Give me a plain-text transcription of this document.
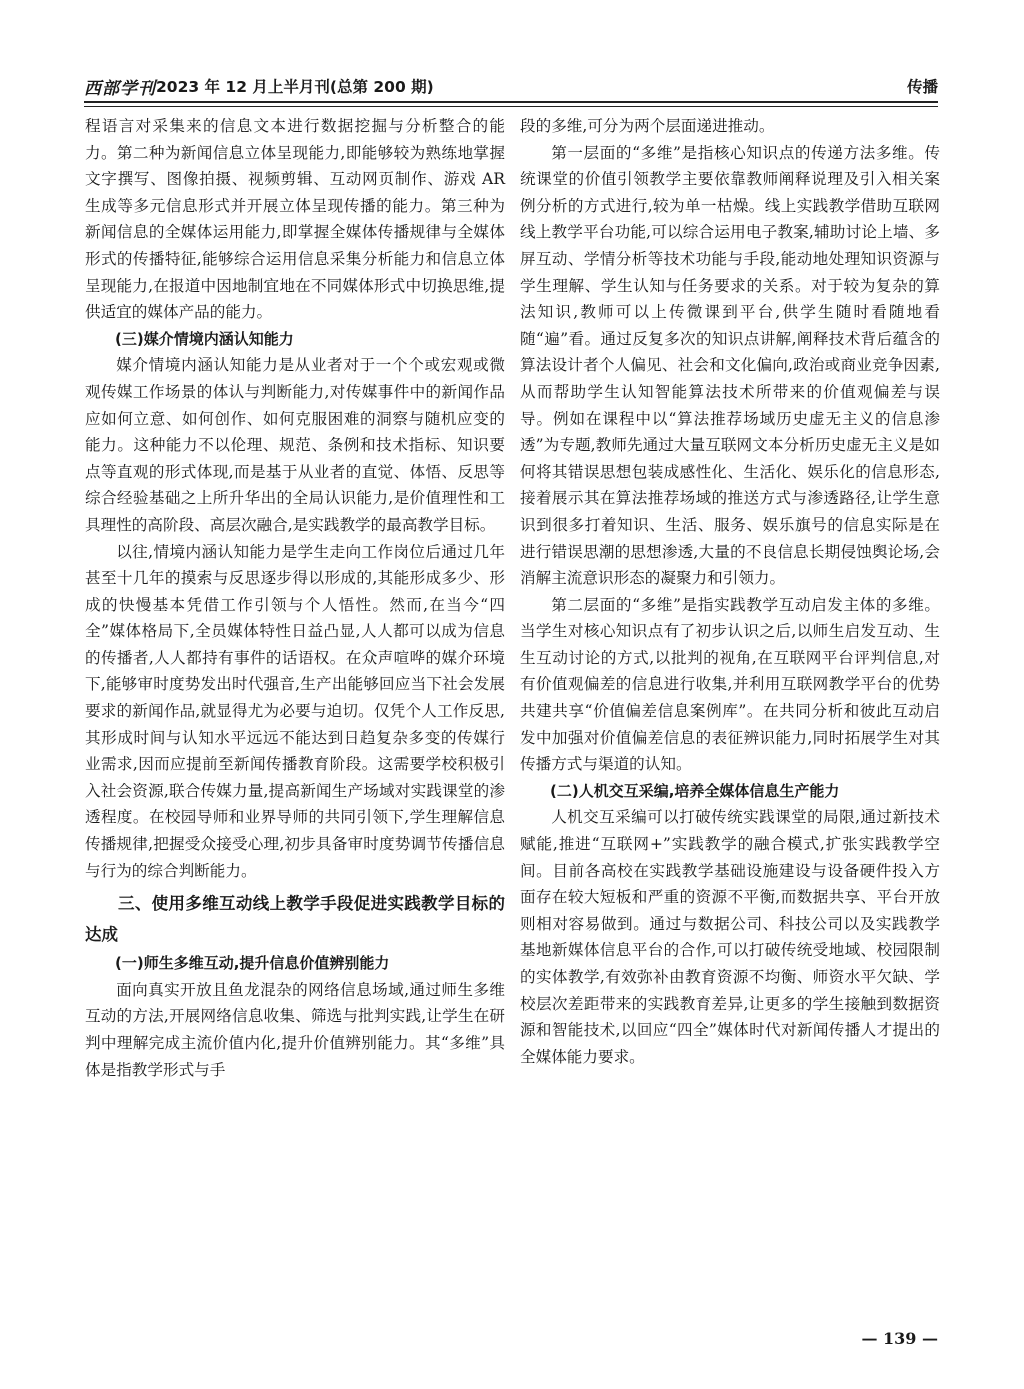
西部学刊 2023 年 12 月上半月刊(总第 200 期)	传播

程语言对采集来的信息文本进行数据挖掘与分析整合的能力。第二种为新闻信息立体呈现能力,即能够较为熟练地掌握文字撰写、图像拍摄、视频剪辑、互动网页制作、游戏 AR 生成等多元信息形式并开展立体呈现传播的能力。第三种为新闻信息的全媒体运用能力,即掌握全媒体传播规律与全媒体形式的传播特征,能够综合运用信息采集分析能力和信息立体呈现能力,在报道中因地制宜地在不同媒体形式中切换思维,提供适宜的媒体产品的能力。

(三)媒介情境内涵认知能力

媒介情境内涵认知能力是从业者对于一个个或宏观或微观传媒工作场景的体认与判断能力,对传媒事件中的新闻作品应如何立意、如何创作、如何克服困难的洞察与随机应变的能力。这种能力不以伦理、规范、条例和技术指标、知识要点等直观的形式体现,而是基于从业者的直觉、体悟、反思等综合经验基础之上所升华出的全局认识能力,是价值理性和工具理性的高阶段、高层次融合,是实践教学的最高教学目标。

以往,情境内涵认知能力是学生走向工作岗位后通过几年甚至十几年的摸索与反思逐步得以形成的,其能形成多少、形成的快慢基本凭借工作引领与个人悟性。然而,在当今“四全”媒体格局下,全员媒体特性日益凸显,人人都可以成为信息的传播者,人人都持有事件的话语权。在众声喧哗的媒介环境下,能够审时度势发出时代强音,生产出能够回应当下社会发展要求的新闻作品,就显得尤为必要与迫切。仅凭个人工作反思,其形成时间与认知水平远远不能达到日趋复杂多变的传媒行业需求,因而应提前至新闻传播教育阶段。这需要学校积极引入社会资源,联合传媒力量,提高新闻生产场域对实践课堂的渗透程度。在校园导师和业界导师的共同引领下,学生理解信息传播规律,把握受众接受心理,初步具备审时度势调节传播信息与行为的综合判断能力。

三、使用多维互动线上教学手段促进实践教学目标的达成
(一)师生多维互动,提升信息价值辨别能力

面向真实开放且鱼龙混杂的网络信息场域,通过师生多维互动的方法,开展网络信息收集、筛选与批判实践,让学生在研判中理解完成主流价值内化,提升价值辨别能力。其“多维”具体是指教学形式与手

段的多维,可分为两个层面递进推动。

第一层面的“多维”是指核心知识点的传递方法多维。传统课堂的价值引领教学主要依靠教师阐释说理及引入相关案例分析的方式进行,较为单一枯燥。线上实践教学借助互联网线上教学平台功能,可以综合运用电子教案,辅助讨论上墙、多屏互动、学情分析等技术功能与手段,能动地处理知识资源与学生理解、学生认知与任务要求的关系。对于较为复杂的算法知识,教师可以上传微课到平台,供学生随时看随地看随“遍”看。通过反复多次的知识点讲解,阐释技术背后蕴含的算法设计者个人偏见、社会和文化偏向,政治或商业竞争因素,从而帮助学生认知智能算法技术所带来的价值观偏差与误导。例如在课程中以“算法推荐场域历史虚无主义的信息渗透”为专题,教师先通过大量互联网文本分析历史虚无主义是如何将其错误思想包装成感性化、生活化、娱乐化的信息形态,接着展示其在算法推荐场域的推送方式与渗透路径,让学生意识到很多打着知识、生活、服务、娱乐旗号的信息实际是在进行错误思潮的思想渗透,大量的不良信息长期侵蚀舆论场,会消解主流意识形态的凝聚力和引领力。

第二层面的“多维”是指实践教学互动启发主体的多维。当学生对核心知识点有了初步认识之后,以师生启发互动、生生互动讨论的方式,以批判的视角,在互联网平台评判信息,对有价值观偏差的信息进行收集,并利用互联网教学平台的优势共建共享“价值偏差信息案例库”。在共同分析和彼此互动启发中加强对价值偏差信息的表征辨识能力,同时拓展学生对其传播方式与渠道的认知。

(二)人机交互采编,培养全媒体信息生产能力

人机交互采编可以打破传统实践课堂的局限,通过新技术赋能,推进“互联网+”实践教学的融合模式,扩张实践教学空间。目前各高校在实践教学基础设施建设与设备硬件投入方面存在较大短板和严重的资源不平衡,而数据共享、平台开放则相对容易做到。通过与数据公司、科技公司以及实践教学基地新媒体信息平台的合作,可以打破传统受地域、校园限制的实体教学,有效弥补由教育资源不均衡、师资水平欠缺、学校层次差距带来的实践教育差异,让更多的学生接触到数据资源和智能技术,以回应“四全”媒体时代对新闻传播人才提出的全媒体能力要求。

— 139 —
